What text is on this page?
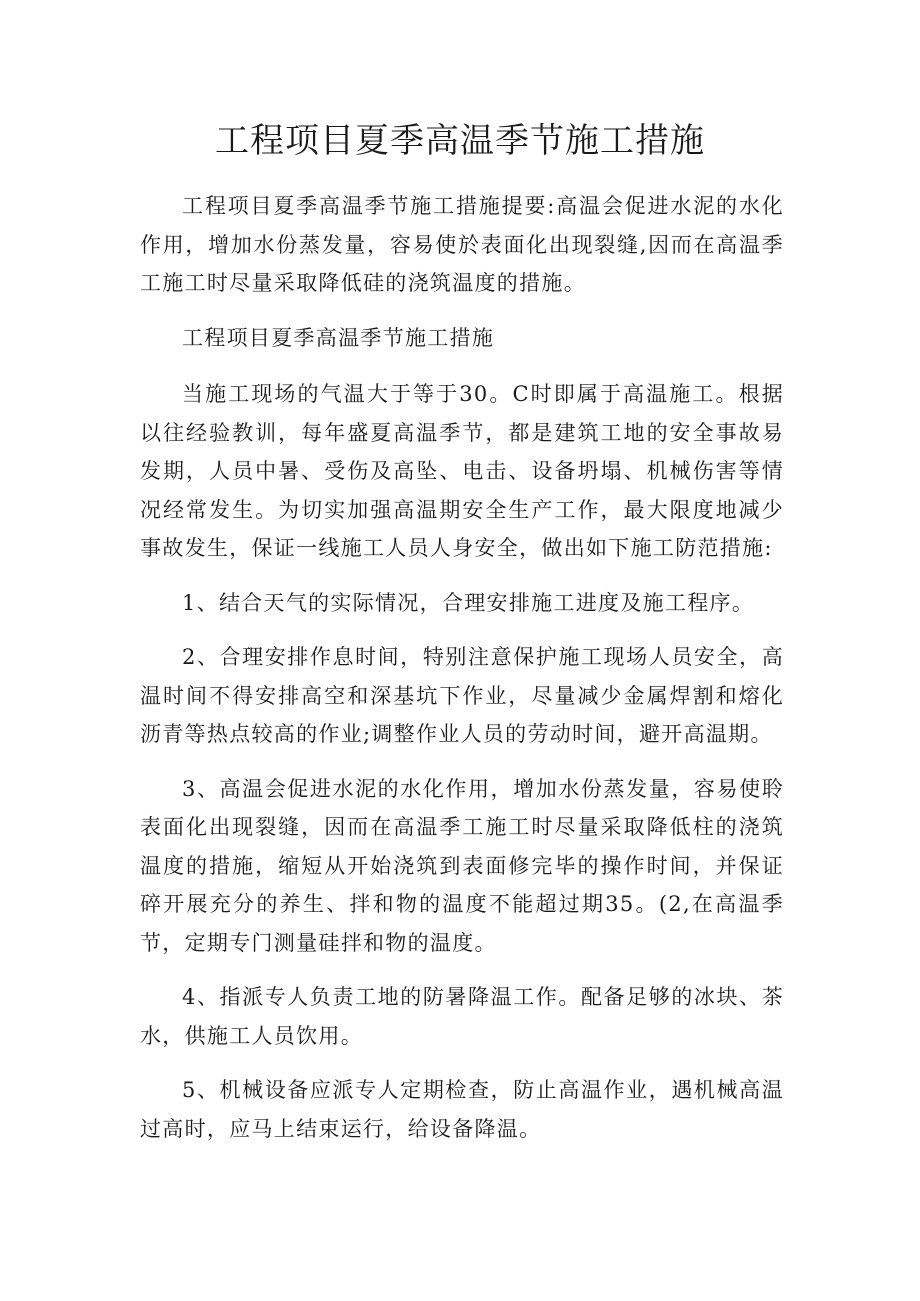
工程项目夏季高温季节施工措施

工程项目夏季高温季节施工措施提要:高温会促进水泥的水化作用，增加水份蒸发量，容易使於表面化出现裂缝,因而在高温季工施工时尽量采取降低硅的浇筑温度的措施。

工程项目夏季高温季节施工措施

当施工现场的气温大于等于30。C时即属于高温施工。根据以往经验教训，每年盛夏高温季节，都是建筑工地的安全事故易发期，人员中暑、受伤及高坠、电击、设备坍塌、机械伤害等情况经常发生。为切实加强高温期安全生产工作，最大限度地减少事故发生，保证一线施工人员人身安全，做出如下施工防范措施:

1、结合天气的实际情况，合理安排施工进度及施工程序。

2、合理安排作息时间，特别注意保护施工现场人员安全，高温时间不得安排高空和深基坑下作业，尽量减少金属焊割和熔化沥青等热点较高的作业;调整作业人员的劳动时间，避开高温期。

3、高温会促进水泥的水化作用，增加水份蒸发量，容易使聆表面化出现裂缝，因而在高温季工施工时尽量采取降低柱的浇筑温度的措施，缩短从开始浇筑到表面修完毕的操作时间，并保证碎开展充分的养生、拌和物的温度不能超过期35。(2,在高温季节，定期专门测量硅拌和物的温度。

4、指派专人负责工地的防暑降温工作。配备足够的冰块、茶水，供施工人员饮用。

5、机械设备应派专人定期检查，防止高温作业，遇机械高温过高时，应马上结束运行，给设备降温。
